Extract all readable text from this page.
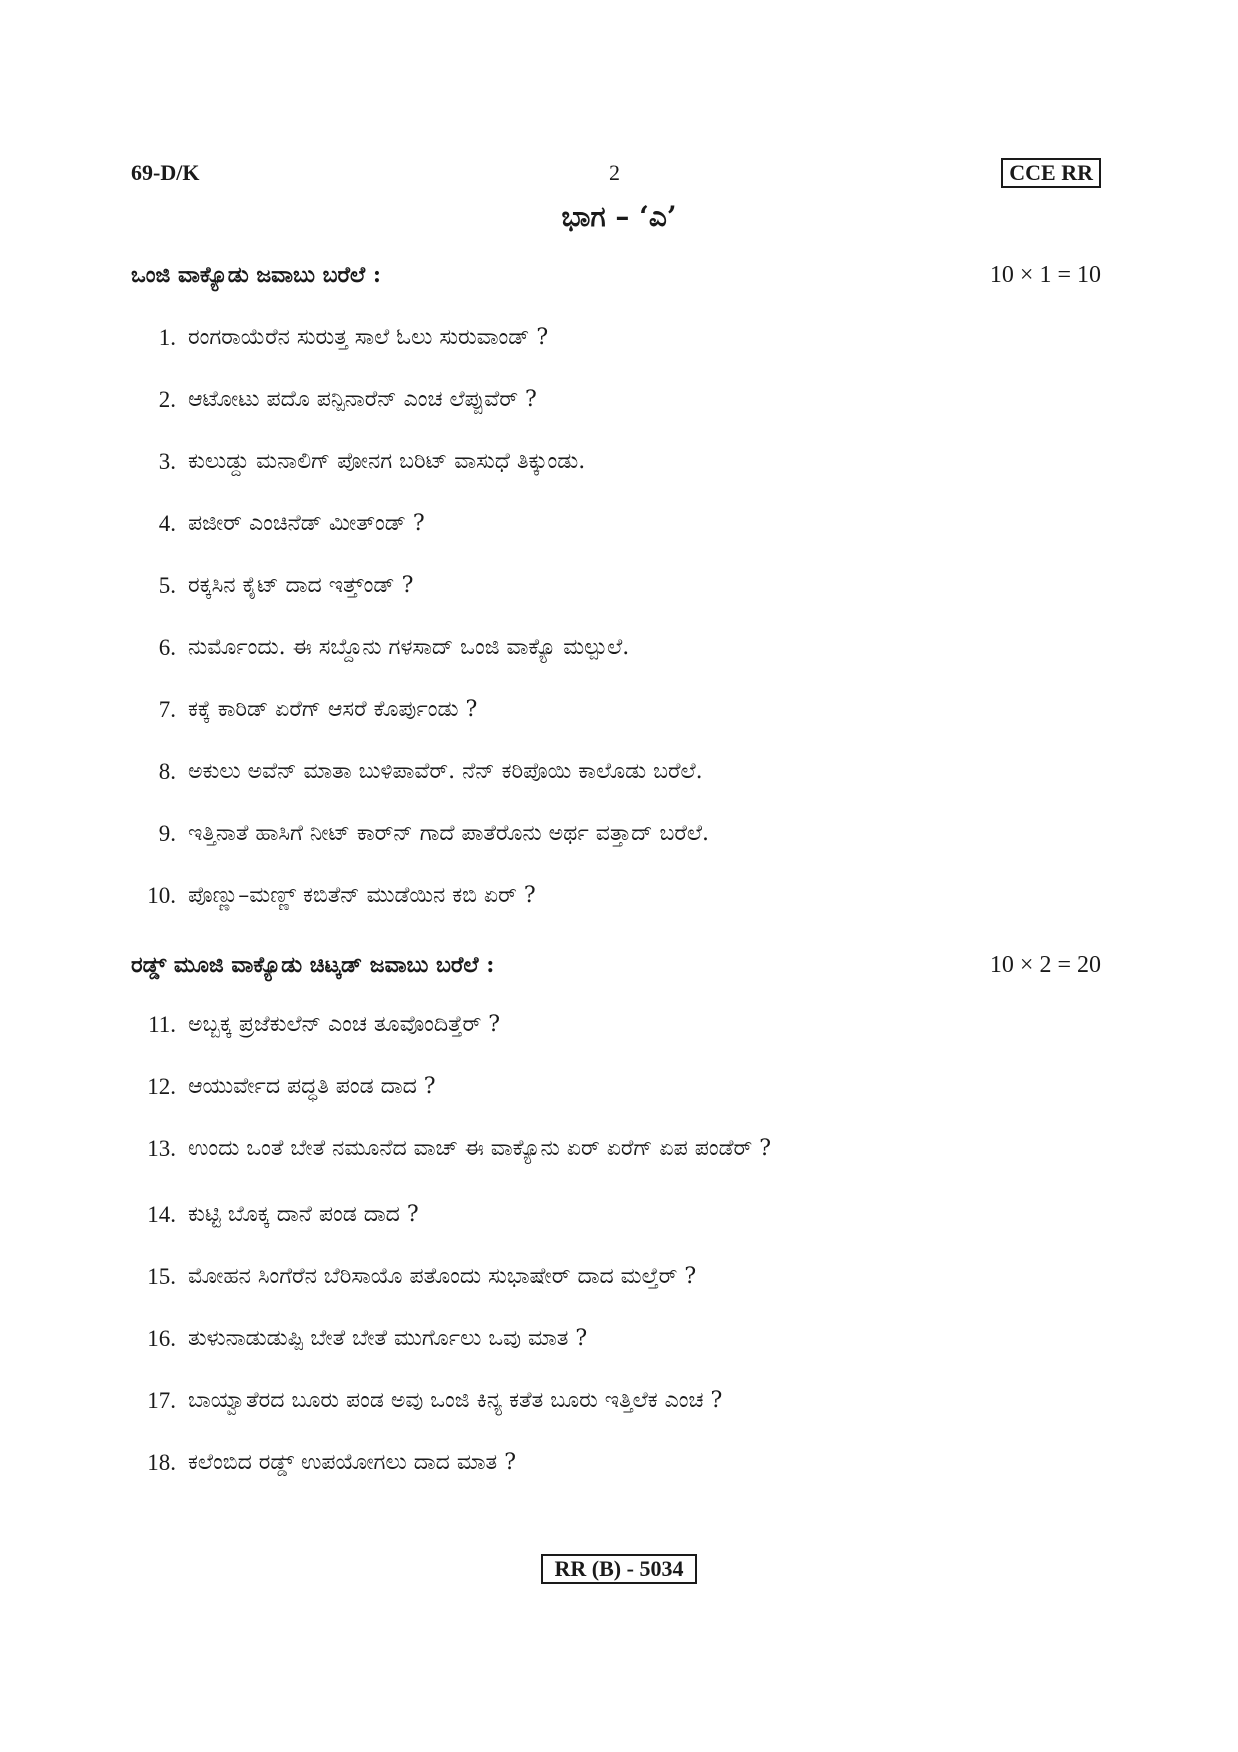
69-D/K	2	CCE RR
ಭಾಗ – ‘ಎ’
ಒಂಜಿ ವಾಕ್ಯೊಡು ಜವಾಬು ಬರೆಲೆ :	10 × 1 = 10
1. ರಂಗರಾಯೆರೆನ ಸುರುತ್ತ ಸಾಲೆ ಓಲು ಸುರುವಾಂಡ್ ?
2. ಆಟೋಟು ಪದೊ ಪನ್ಪಿನಾರೆನ್ ಎಂಚ ಲೆಪ್ಪುವೆರ್ ?
3. ಕುಲುಡ್ದು ಮನಾಲಿಗ್ ಪೋನಗ ಬರಿಟ್ ವಾಸುಧೆ ತಿಕ್ಕುಂಡು.
4. ಪಜೀರ್ ಎಂಚಿನೆಡ್ ಮೀತ್‌ಂಡ್ ?
5. ರಕ್ಕಸಿನ ಕೈಟ್ ದಾದ ಇತ್ತ್‌ಂಡ್ ?
6. ನುರ್ಮೊಂದು. ಈ ಸಬ್ದೊನು ಗಳಸಾದ್ ಒಂಜಿ ವಾಕ್ಯೊ ಮಲ್ಪುಲೆ.
7. ಕಕ್ಕೆ ಕಾರಿಡ್ ಏರೆಗ್ ಆಸರೆ ಕೊರ್ಪುಂಡು ?
8. ಅಕುಲು ಅವೆನ್ ಮಾತಾ ಬುಳಿಪಾವೆರ್. ನೆನ್ ಕರಿಪೊಯಿ ಕಾಲೊಡು ಬರೆಲೆ.
9. ಇತ್ತಿನಾತೆ ಹಾಸಿಗೆ ನೀಟ್ ಕಾರ್‌ನ್ ಗಾದೆ ಪಾತೆರೊನು ಅರ್ಥ ವತ್ತಾದ್ ಬರೆಲೆ.
10. ಪೊಣ್ಣು–ಮಣ್ಣ್ ಕಬಿತೆನ್ ಮುಡೆಯಿನ ಕಬಿ ಏರ್ ?
ರಡ್ಡ್ ಮೂಜಿ ವಾಕ್ಯೊಡು ಚಿಟ್ಕಡ್ ಜವಾಬು ಬರೆಲೆ :	10 × 2 = 20
11. ಅಬ್ಬಕ್ಕ ಪ್ರಜೆಕುಲೆನ್ ಎಂಚ ತೂವೊಂದಿತ್ತೆರ್ ?
12. ಆಯುರ್ವೇದ ಪದ್ಧತಿ ಪಂಡ ದಾದ ?
13. ಉಂದು ಒಂತೆ ಬೇತೆ ನಮೂನೆದ ವಾಚ್ ಈ ವಾಕ್ಯೊನು ಏರ್ ಏರೆಗ್ ಏಪ ಪಂಡೆರ್ ?
14. ಕುಟ್ಟಿ ಬೊಕ್ಕ ದಾನೆ ಪಂಡ ದಾದ ?
15. ಮೋಹನ ಸಿಂಗೆರೆನ ಬೆರಿಸಾಯೊ ಪತೊಂದು ಸುಭಾಷೇರ್ ದಾದ ಮಲ್ತೆರ್ ?
16. ತುಳುನಾಡುಡುಪ್ಪಿ ಬೇತೆ ಬೇತೆ ಮುರ್ಗೊಲು ಒವು ಮಾತ ?
17. ಬಾಯ್ವಾತೆರದ ಬೂರು ಪಂಡ ಅವು ಒಂಜಿ ಕಿನ್ಯ ಕತೆತ ಬೂರು ಇತ್ತಿಲೆಕ ಎಂಚ ?
18. ಕಲೆಂಬಿದ ರಡ್ಡ್ ಉಪಯೋಗಲು ದಾದ ಮಾತ ?
RR (B) - 5034
